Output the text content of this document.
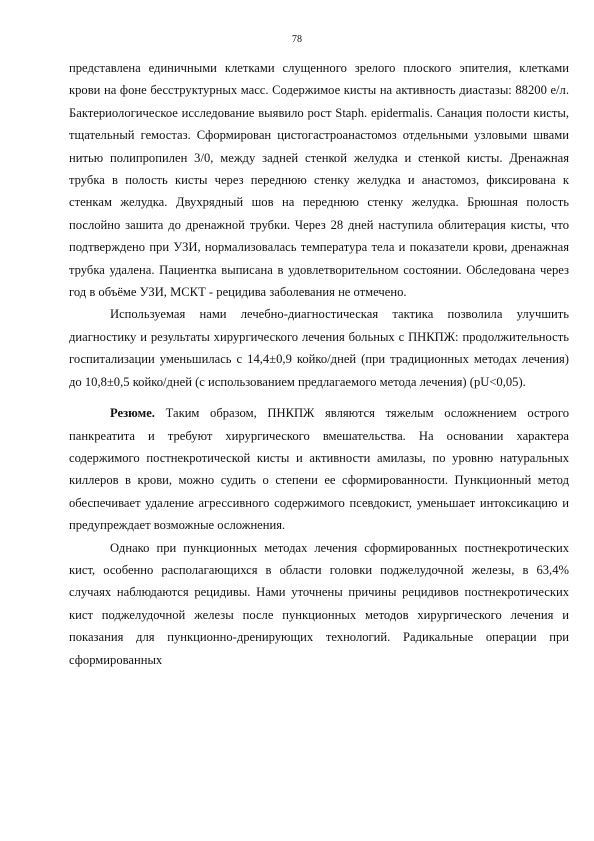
78

представлена единичными клетками слущенного зрелого плоского эпителия, клетками крови на фоне бесструктурных масс. Содержимое кисты на активность диастазы: 88200 е/л. Бактериологическое исследование выявило рост Staph. epidermalis. Санация полости кисты, тщательный гемостаз. Сформирован цистогастроанастомоз отдельными узловыми швами нитью полипропилен 3/0, между задней стенкой желудка и стенкой кисты. Дренажная трубка в полость кисты через переднюю стенку желудка и анастомоз, фиксирована к стенкам желудка. Двухрядный шов на переднюю стенку желудка. Брюшная полость послойно зашита до дренажной трубки. Через 28 дней наступила облитерация кисты, что подтверждено при УЗИ, нормализовалась температура тела и показатели крови, дренажная трубка удалена. Пациентка выписана в удовлетворительном состоянии. Обследована через год в объёме УЗИ, МСКТ - рецидива заболевания не отмечено.

Используемая нами лечебно-диагностическая тактика позволила улучшить диагностику и результаты хирургического лечения больных с ПНКПЖ: продолжительность госпитализации уменьшилась с 14,4±0,9 койко/дней (при традиционных методах лечения) до 10,8±0,5 койко/дней (с использованием предлагаемого метода лечения) (pU<0,05).

Резюме. Таким образом, ПНКПЖ являются тяжелым осложнением острого панкреатита и требуют хирургического вмешательства. На основании характера содержимого постнекротической кисты и активности амилазы, по уровню натуральных киллеров в крови, можно судить о степени ее сформированности. Пункционный метод обеспечивает удаление агрессивного содержимого псевдокист, уменьшает интоксикацию и предупреждает возможные осложнения.

Однако при пункционных методах лечения сформированных постнекротических кист, особенно располагающихся в области головки поджелудочной железы, в 63,4% случаях наблюдаются рецидивы. Нами уточнены причины рецидивов постнекротических кист поджелудочной железы после пункционных методов хирургического лечения и показания для пункционно-дренирующих технологий. Радикальные операции при сформированных
